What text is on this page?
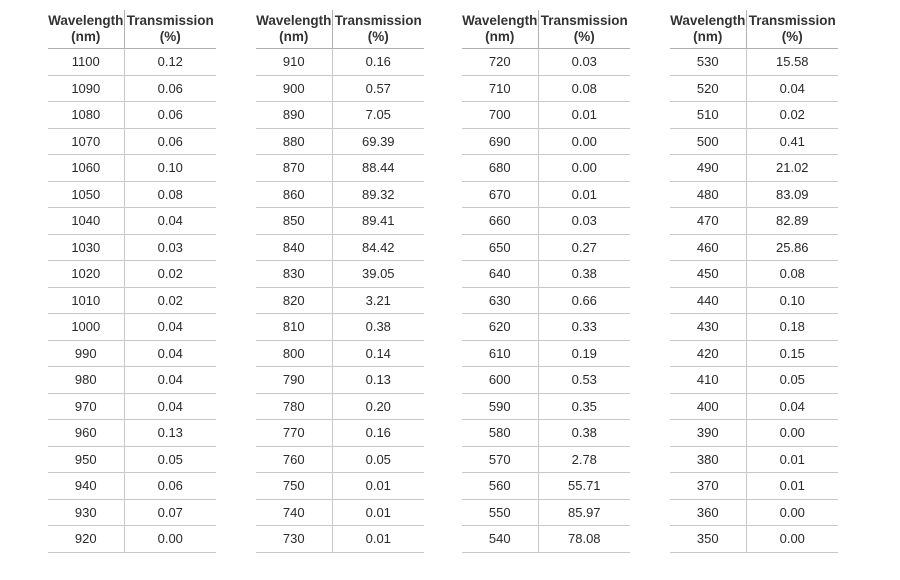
Wavelength
(nm)
Transmission
(%)
1100	0.12
1090	0.06
1080	0.06
1070	0.06
1060	0.10
1050	0.08
1040	0.04
1030	0.03
1020	0.02
1010	0.02
1000	0.04
990	0.04
980	0.04
970	0.04
960	0.13
950	0.05
940	0.06
930	0.07
920	0.00
Wavelength
(nm)
Transmission
(%)
910	0.16
900	0.57
890	7.05
880	69.39
870	88.44
860	89.32
850	89.41
840	84.42
830	39.05
820	3.21
810	0.38
800	0.14
790	0.13
780	0.20
770	0.16
760	0.05
750	0.01
740	0.01
730	0.01
Wavelength
(nm)
Transmission
(%)
720	0.03
710	0.08
700	0.01
690	0.00
680	0.00
670	0.01
660	0.03
650	0.27
640	0.38
630	0.66
620	0.33
610	0.19
600	0.53
590	0.35
580	0.38
570	2.78
560	55.71
550	85.97
540	78.08
Wavelength
(nm)
Transmission
(%)
530	15.58
520	0.04
510	0.02
500	0.41
490	21.02
480	83.09
470	82.89
460	25.86
450	0.08
440	0.10
430	0.18
420	0.15
410	0.05
400	0.04
390	0.00
380	0.01
370	0.01
360	0.00
350	0.00
